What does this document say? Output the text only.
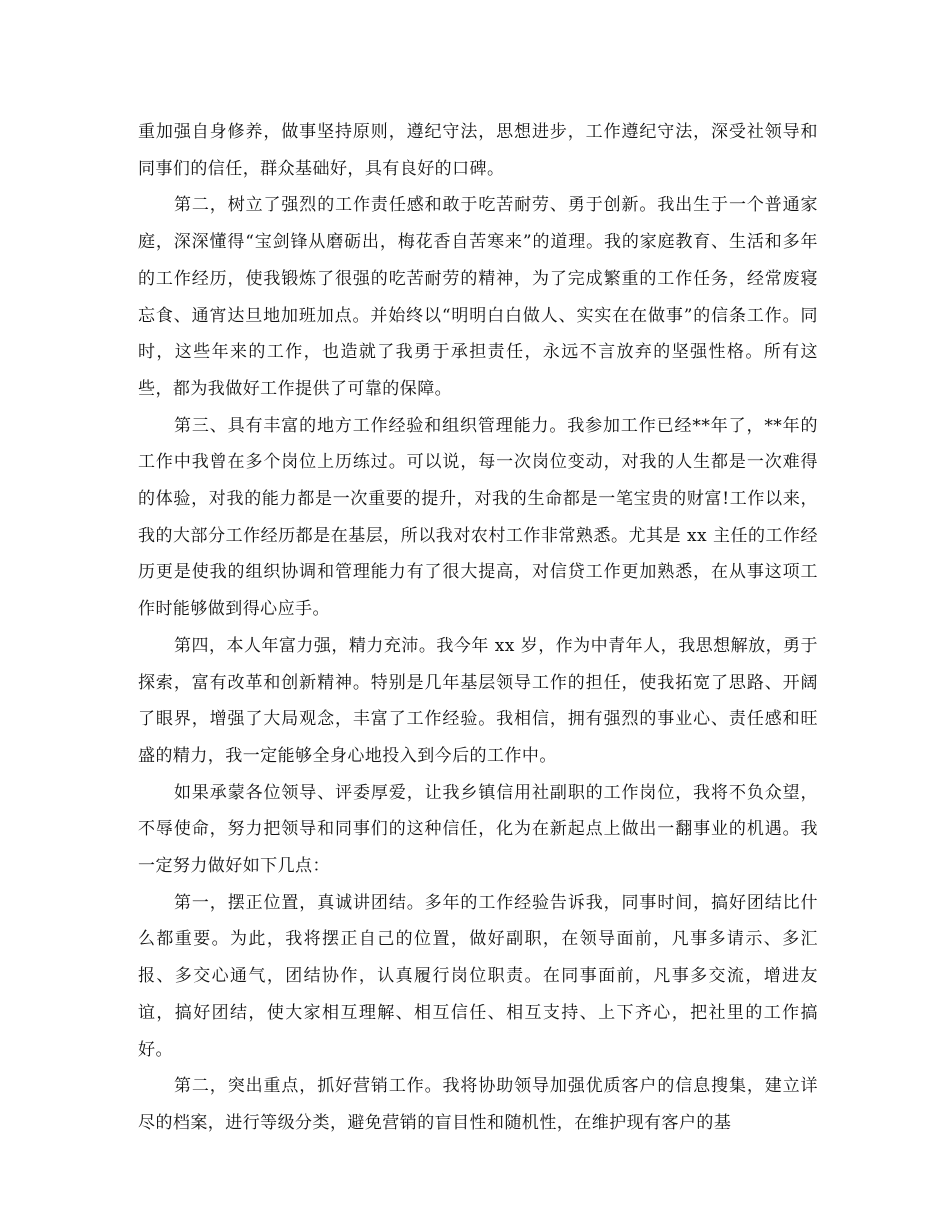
重加强自身修养，做事坚持原则，遵纪守法，思想进步，工作遵纪守法，深受社领导和同事们的信任，群众基础好，具有良好的口碑。

第二，树立了强烈的工作责任感和敢于吃苦耐劳、勇于创新。我出生于一个普通家庭，深深懂得“宝剑锋从磨砺出，梅花香自苦寒来”的道理。我的家庭教育、生活和多年的工作经历，使我锻炼了很强的吃苦耐劳的精神，为了完成繁重的工作任务，经常废寝忘食、通宵达旦地加班加点。并始终以“明明白白做人、实实在在做事”的信条工作。同时，这些年来的工作，也造就了我勇于承担责任，永远不言放弃的坚强性格。所有这些，都为我做好工作提供了可靠的保障。

第三、具有丰富的地方工作经验和组织管理能力。我参加工作已经**年了，**年的工作中我曾在多个岗位上历练过。可以说，每一次岗位变动，对我的人生都是一次难得的体验，对我的能力都是一次重要的提升，对我的生命都是一笔宝贵的财富!工作以来，我的大部分工作经历都是在基层，所以我对农村工作非常熟悉。尤其是 xx 主任的工作经历更是使我的组织协调和管理能力有了很大提高，对信贷工作更加熟悉，在从事这项工作时能够做到得心应手。

第四，本人年富力强，精力充沛。我今年 xx 岁，作为中青年人，我思想解放，勇于探索，富有改革和创新精神。特别是几年基层领导工作的担任，使我拓宽了思路、开阔了眼界，增强了大局观念，丰富了工作经验。我相信，拥有强烈的事业心、责任感和旺盛的精力，我一定能够全身心地投入到今后的工作中。

如果承蒙各位领导、评委厚爱，让我乡镇信用社副职的工作岗位，我将不负众望，不辱使命，努力把领导和同事们的这种信任，化为在新起点上做出一翻事业的机遇。我一定努力做好如下几点：

第一，摆正位置，真诚讲团结。多年的工作经验告诉我，同事时间，搞好团结比什么都重要。为此，我将摆正自己的位置，做好副职，在领导面前，凡事多请示、多汇报、多交心通气，团结协作，认真履行岗位职责。在同事面前，凡事多交流，增进友谊，搞好团结，使大家相互理解、相互信任、相互支持、上下齐心，把社里的工作搞好。

第二，突出重点，抓好营销工作。我将协助领导加强优质客户的信息搜集，建立详尽的档案，进行等级分类，避免营销的盲目性和随机性，在维护现有客户的基
